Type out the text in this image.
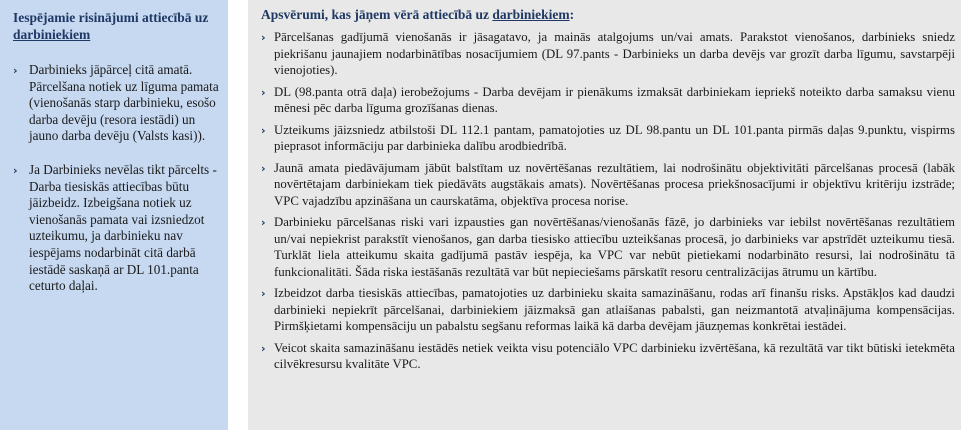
Iespējamie risinājumi attiecībā uz darbiniekiem
› Darbinieks jāpārceļ citā amatā. Pārcelšana notiek uz līguma pamata (vienošanās starp darbinieku, esošo darba devēju (resora iestādi) un jauno darba devēju (Valsts kasi)).
› Ja Darbinieks nevēlas tikt pārcelts - Darba tiesiskās attiecības būtu jāizbeidz. Izbeigšana notiek uz vienošanās pamata vai izsniedzot uzteikumu, ja darbinieku nav iespējams nodarbināt citā darbā iestādē saskaņā ar DL 101.panta ceturto daļai.
Apsvērumi, kas jāņem vērā attiecībā uz darbiniekiem:
› Pārcelšanas gadījumā vienošanās ir jāsagatavo, ja mainās atalgojums un/vai amats. Parakstot vienošanos, darbinieks sniedz piekrišanu jaunajiem nodarbinātības nosacījumiem (DL 97.pants - Darbinieks un darba devējs var grozīt darba līgumu, savstarpēji vienojoties).
› DL (98.panta otrā daļa) ierobežojums - Darba devējam ir pienākums izmaksāt darbiniekam iepriekš noteikto darba samaksu vienu mēnesi pēc darba līguma grozīšanas dienas.
› Uzteikums jāizsniedz atbilstoši DL 112.1 pantam, pamatojoties uz DL 98.pantu un DL 101.panta pirmās daļas 9.punktu, vispirms pieprasot informāciju par darbinieka dalību arodbiedrībā.
› Jaunā amata piedāvājumam jābūt balstītam uz novērtēšanas rezultātiem, lai nodrošinātu objektivitāti pārcelšanas procesā (labāk novērtētajam darbiniekam tiek piedāvāts augstākais amats). Novērtēšanas procesa priekšnosacījumi ir objektīvu kritēriju izstrāde; VPC vajadzību apzināšana un caurskatāma, objektīva procesa norise.
› Darbinieku pārcelšanas riski vari izpausties gan novērtēšanas/vienošanās fāzē, jo darbinieks var iebilst novērtēšanas rezultātiem un/vai nepiekrist parakstīt vienošanos, gan darba tiesisko attiecību uzteikšanas procesā, jo darbinieks var apstrīdēt uzteikumu tiesā. Turklāt liela atteikumu skaita gadījumā pastāv iespēja, ka VPC var nebūt pietiekami nodarbināto resursi, lai nodrošinātu tā funkcionalitāti. Šāda riska iestāšanās rezultātā var būt nepieciešams pārskatīt resoru centralizācijas ātrumu un kārtību.
› Izbeidzot darba tiesiskās attiecības, pamatojoties uz darbinieku skaita samazināšanu, rodas arī finanšu risks. Apstākļos kad daudzi darbinieki nepiekrīt pārcelšanai, darbiniekiem jāizmaksā gan atlaišanas pabalsti, gan neizmantotā atvaļinājuma kompensācijas. Pirmšķietami kompensāciju un pabalstu segšanu reformas laikā kā darba devējam jāuzņemas konkrētai iestādei.
› Veicot skaita samazināšanu iestādēs netiek veikta visu potenciālo VPC darbinieku izvērtēšana, kā rezultātā var tikt būtiski ietekmēta cilvēkresursu kvalitāte VPC.
